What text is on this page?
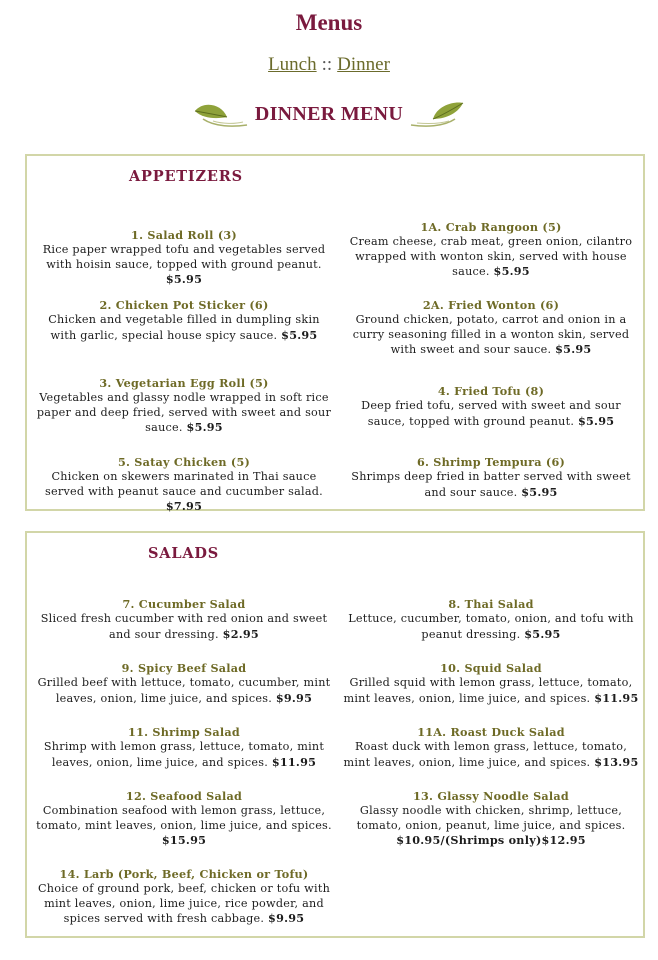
Menus
Lunch :: Dinner
DINNER MENU
APPETIZERS
1. Salad Roll (3)
Rice paper wrapped tofu and vegetables served with hoisin sauce, topped with ground peanut. $5.95
2. Chicken Pot Sticker (6)
Chicken and vegetable filled in dumpling skin with garlic, special house spicy sauce. $5.95
3. Vegetarian Egg Roll (5)
Vegetables and glassy nodle wrapped in soft rice paper and deep fried, served with sweet and sour sauce. $5.95
5. Satay Chicken (5)
Chicken on skewers marinated in Thai sauce served with peanut sauce and cucumber salad. $7.95
1A. Crab Rangoon (5)
Cream cheese, crab meat, green onion, cilantro wrapped with wonton skin, served with house sauce. $5.95
2A. Fried Wonton (6)
Ground chicken, potato, carrot and onion in a curry seasoning filled in a wonton skin, served with sweet and sour sauce. $5.95
4. Fried Tofu (8)
Deep fried tofu, served with sweet and sour sauce, topped with ground peanut. $5.95
6. Shrimp Tempura (6)
Shrimps deep fried in batter served with sweet and sour sauce. $5.95
SALADS
7. Cucumber Salad
Sliced fresh cucumber with red onion and sweet and sour dressing. $2.95
9. Spicy Beef Salad
Grilled beef with lettuce, tomato, cucumber, mint leaves, onion, lime juice, and spices. $9.95
11. Shrimp Salad
Shrimp with lemon grass, lettuce, tomato, mint leaves, onion, lime juice, and spices. $11.95
12. Seafood Salad
Combination seafood with lemon grass, lettuce, tomato, mint leaves, onion, lime juice, and spices. $15.95
14. Larb (Pork, Beef, Chicken or Tofu)
Choice of ground pork, beef, chicken or tofu with mint leaves, onion, lime juice, rice powder, and spices served with fresh cabbage. $9.95
8. Thai Salad
Lettuce, cucumber, tomato, onion, and tofu with peanut dressing. $5.95
10. Squid Salad
Grilled squid with lemon grass, lettuce, tomato, mint leaves, onion, lime juice, and spices. $11.95
11A. Roast Duck Salad
Roast duck with lemon grass, lettuce, tomato, mint leaves, onion, lime juice, and spices. $13.95
13. Glassy Noodle Salad
Glassy noodle with chicken, shrimp, lettuce, tomato, onion, peanut, lime juice, and spices.
$10.95/(Shrimps only)$12.95
